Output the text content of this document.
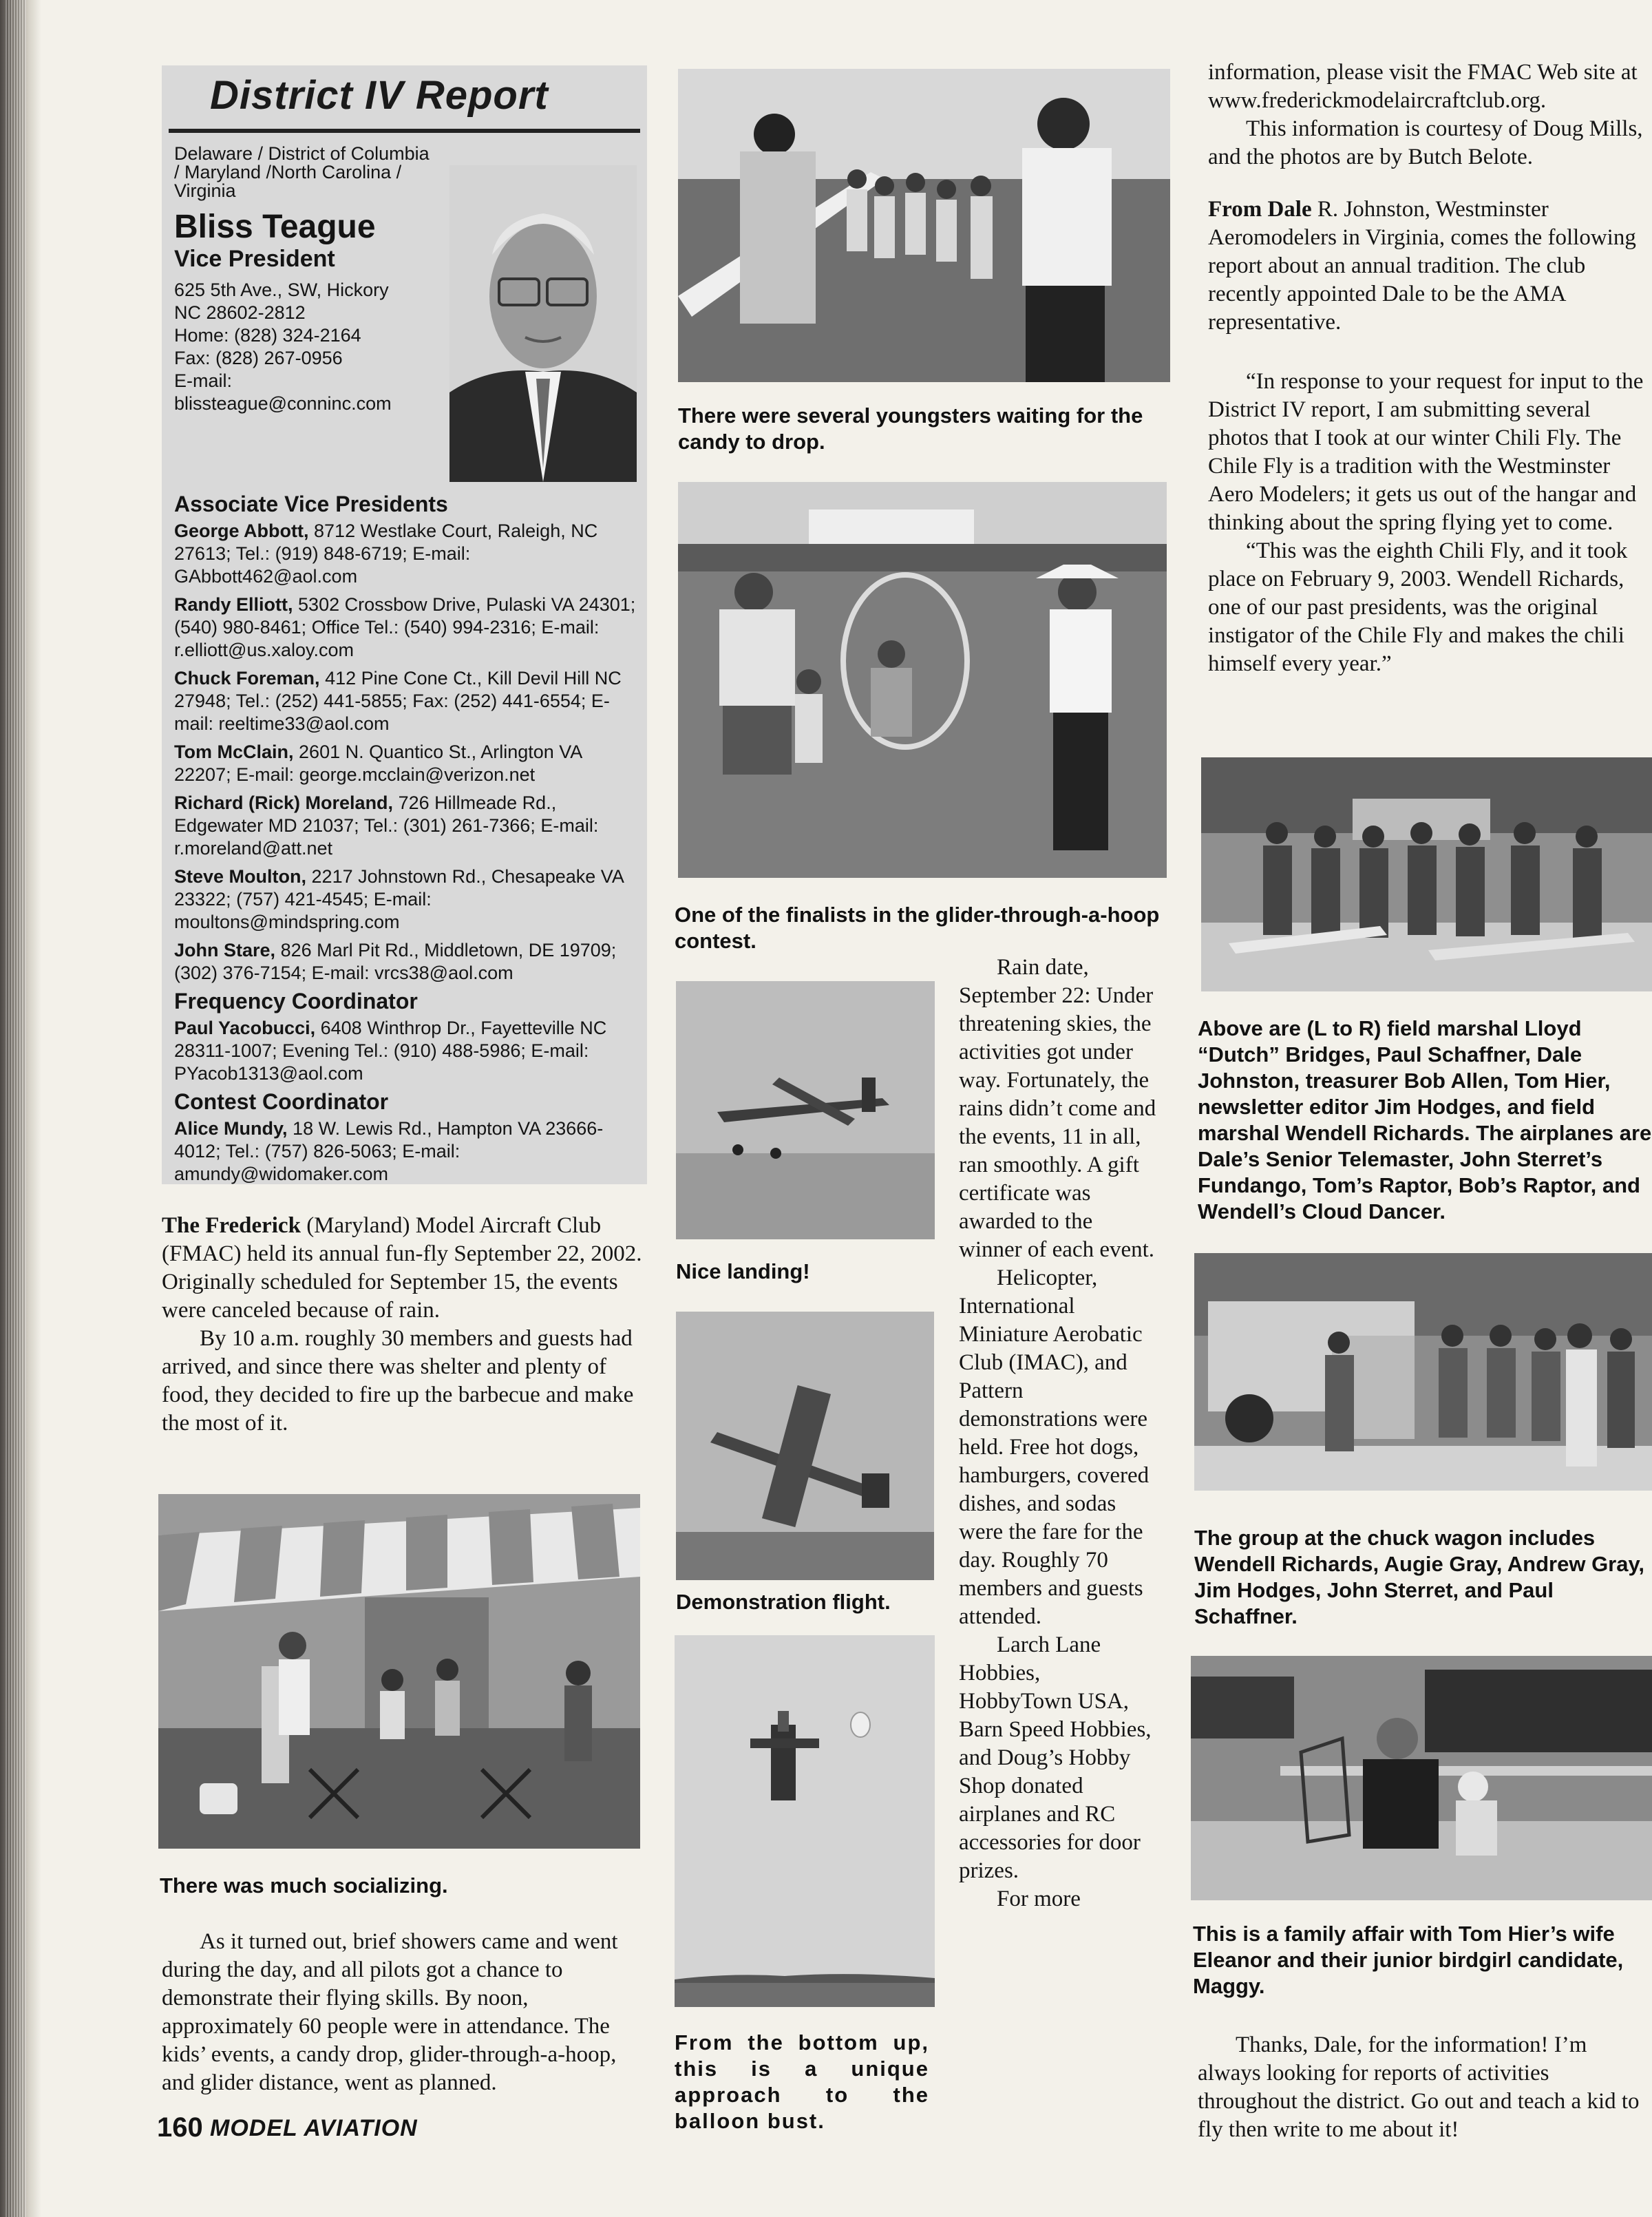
District IV Report
Delaware / District of Columbia / Maryland /North Carolina / Virginia
Bliss Teague
Vice President
625 5th Ave., SW, Hickory
NC 28602-2812
Home: (828) 324-2164
Fax: (828) 267-0956
E-mail:
blissteague@conninc.com
Associate Vice Presidents

George Abbott, 8712 Westlake Court, Raleigh, NC 27613; Tel.: (919) 848-6719; E-mail: GAbbott462@aol.com

Randy Elliott, 5302 Crossbow Drive, Pulaski VA 24301; (540) 980-8461; Office Tel.: (540) 994-2316; E-mail: r.elliott@us.xaloy.com

Chuck Foreman, 412 Pine Cone Ct., Kill Devil Hill NC 27948; Tel.: (252) 441-5855; Fax: (252) 441-6554; E-mail: reeltime33@aol.com

Tom McClain, 2601 N. Quantico St., Arlington VA 22207; E-mail: george.mcclain@verizon.net

Richard (Rick) Moreland, 726 Hillmeade Rd., Edgewater MD 21037; Tel.: (301) 261-7366; E-mail: r.moreland@att.net

Steve Moulton, 2217 Johnstown Rd., Chesapeake VA 23322; (757) 421-4545; E-mail: moultons@mindspring.com

John Stare, 826 Marl Pit Rd., Middletown, DE 19709; (302) 376-7154; E-mail: vrcs38@aol.com

Frequency Coordinator

Paul Yacobucci, 6408 Winthrop Dr., Fayetteville NC 28311-1007; Evening Tel.: (910) 488-5986; E-mail: PYacob1313@aol.com

Contest Coordinator

Alice Mundy, 18 W. Lewis Rd., Hampton VA 23666-4012; Tel.: (757) 826-5063; E-mail: amundy@widomaker.com

The Frederick (Maryland) Model Aircraft Club (FMAC) held its annual fun-fly September 22, 2002. Originally scheduled for September 15, the events were canceled because of rain.

By 10 a.m. roughly 30 members and guests had arrived, and since there was shelter and plenty of food, they decided to fire up the barbecue and make the most of it.

There was much socializing.

As it turned out, brief showers came and went during the day, and all pilots got a chance to demonstrate their flying skills. By noon, approximately 60 people were in attendance. The kids’ events, a candy drop, glider-through-a-hoop, and glider distance, went as planned.

There were several youngsters waiting for the candy to drop.
One of the finalists in the glider-through-a-hoop contest.
Nice landing!
Demonstration flight.
From the bottom up, this is a unique approach to the balloon bust.

Rain date, September 22: Under threatening skies, the activities got under way. Fortunately, the rains didn’t come and the events, 11 in all, ran smoothly. A gift certificate was awarded to the winner of each event.

Helicopter, International Miniature Aerobatic Club (IMAC), and Pattern demonstrations were held. Free hot dogs, hamburgers, covered dishes, and sodas were the fare for the day. Roughly 70 members and guests attended.

Larch Lane Hobbies, HobbyTown USA, Barn Speed Hobbies, and Doug’s Hobby Shop donated airplanes and RC accessories for door prizes.

For more

information, please visit the FMAC Web site at www.frederickmodelaircraftclub.org.

This information is courtesy of Doug Mills, and the photos are by Butch Belote.

From Dale R. Johnston, Westminster Aeromodelers in Virginia, comes the following report about an annual tradition. The club recently appointed Dale to be the AMA representative.

“In response to your request for input to the District IV report, I am submitting several photos that I took at our winter Chili Fly. The Chile Fly is a tradition with the Westminster Aero Modelers; it gets us out of the hangar and thinking about the spring flying yet to come.

“This was the eighth Chili Fly, and it took place on February 9, 2003. Wendell Richards, one of our past presidents, was the original instigator of the Chile Fly and makes the chili himself every year.”

Above are (L to R) field marshal Lloyd “Dutch” Bridges, Paul Schaffner, Dale Johnston, treasurer Bob Allen, Tom Hier, newsletter editor Jim Hodges, and field marshal Wendell Richards. The airplanes are Dale’s Senior Telemaster, John Sterret’s Fundango, Tom’s Raptor, Bob’s Raptor, and Wendell’s Cloud Dancer.
The group at the chuck wagon includes Wendell Richards, Augie Gray, Andrew Gray, Jim Hodges, John Sterret, and Paul Schaffner.
This is a family affair with Tom Hier’s wife Eleanor and their junior birdgirl candidate, Maggy.

Thanks, Dale, for the information! I’m always looking for reports of activities throughout the district. Go out and teach a kid to fly then write to me about it!

160 MODEL AVIATION
